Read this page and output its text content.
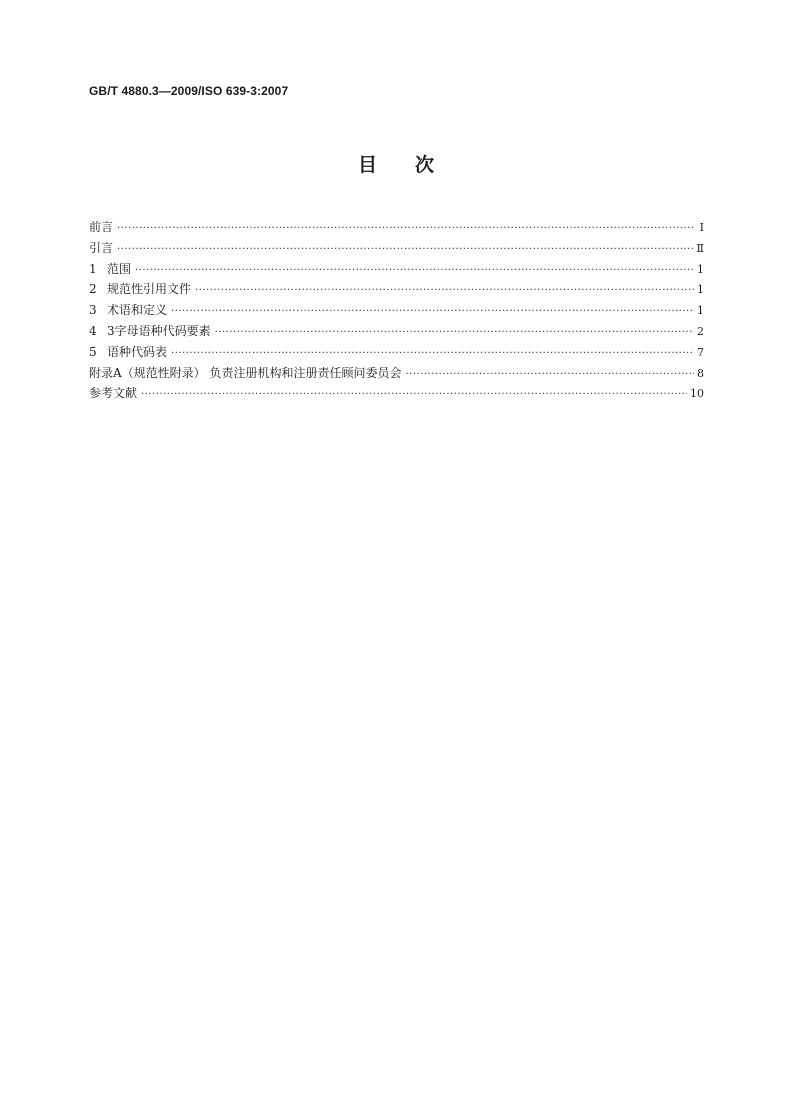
GB/T 4880.3—2009/ISO 639-3:2007
目次
前言 ·····	Ⅰ
引言 ·····	Ⅱ
1 范围 ·····	1
2 规范性引用文件 ·····	1
3 术语和定义 ·····	1
4 3字母语种代码要素 ·····	2
5 语种代码表 ·····	7
附录A（规范性附录） 负责注册机构和注册责任顾问委员会 ·····	8
参考文献 ·····	10
